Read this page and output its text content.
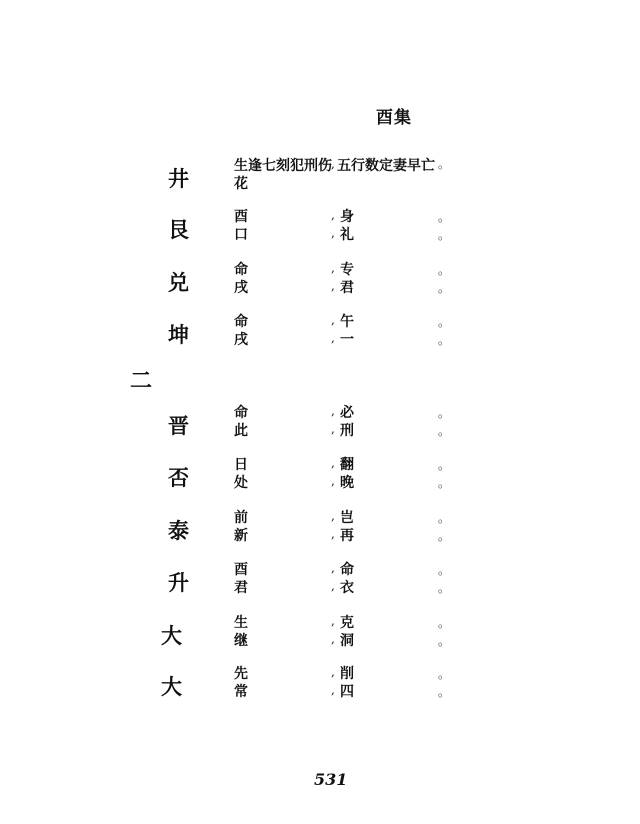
酉集
井	生逢七刻犯刑伤 , 五行数定妻早亡 。
花
艮	酉	, 身	。
口	, 礼	。
兑	命	, 专	。
戌	, 君	。
坤	命	, 午	。
戌	, 一	。
二
晋	命	, 必	。
此	, 刑	。
否	日	, 翻	。
处	, 晚	。
泰	前	, 岂	。
新	, 再	。
升	酉	, 命	。
君	, 衣	。
大	生	, 克	。
继	, 洞	。
大	先	, 削	。
常	, 四	。
531
